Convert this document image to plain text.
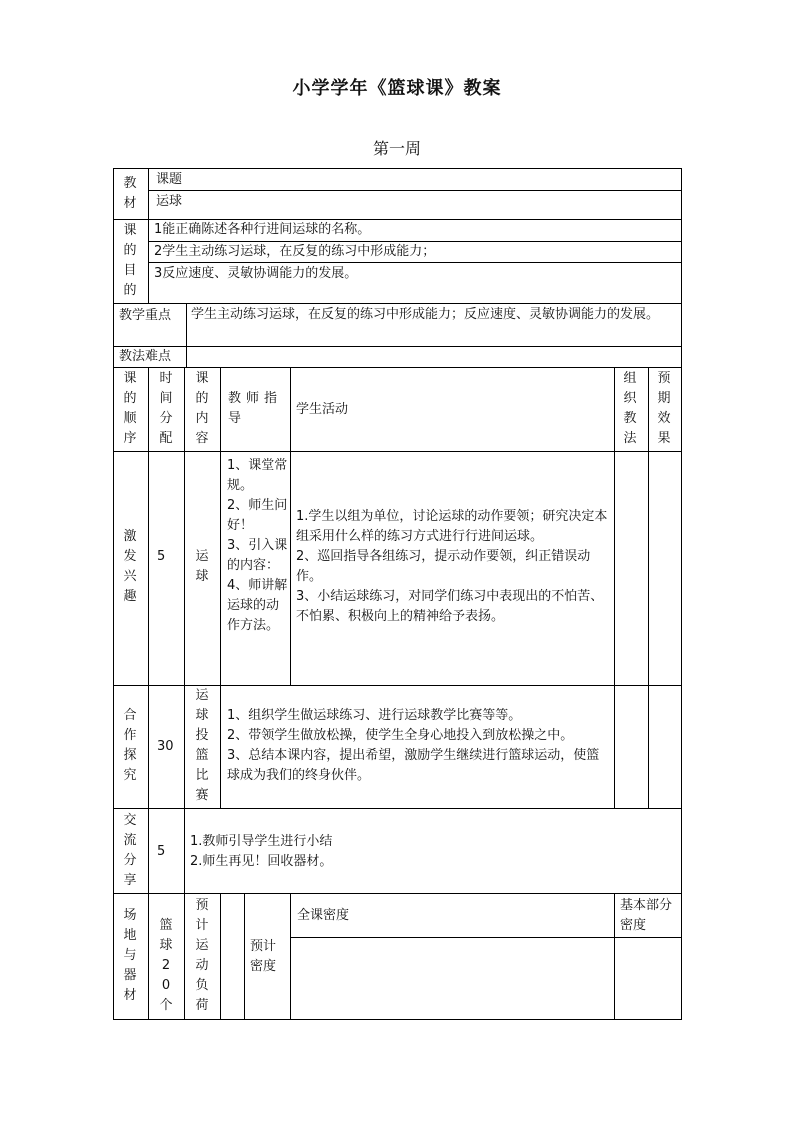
小学学年《篮球课》教案
第一周
教材
课题
运球
课的目的
1能正确陈述各种行进间运球的名称。
2学生主动练习运球，在反复的练习中形成能力；
3反应速度、灵敏协调能力的发展。
教学重点 学生主动练习运球，在反复的练习中形成能力；反应速度、灵敏协调能力的发展。
教法难点
课的顺序
时间分配
课的内容
教师指导
学生活动
组织教法
预期效果
激发兴趣
5 运球
1、课堂常规。
2、师生问好！
3、引入课的内容：
4、师讲解运球的动作方法。
1.学生以组为单位，讨论运球的动作要领；研究决定本组采用什么样的练习方式进行行进间运球。
2、巡回指导各组练习，提示动作要领，纠正错误动作。
3、小结运球练习，对同学们练习中表现出的不怕苦、不怕累、积极向上的精神给予表扬。
合作探究
30
运球投篮比赛
1、组织学生做运球练习、进行运球教学比赛等等。
2、带领学生做放松操，使学生全身心地投入到放松操之中。
3、总结本课内容，提出希望，激励学生继续进行篮球运动，使篮球成为我们的终身伙伴。
交流分享
5
1.教师引导学生进行小结
2.师生再见！回收器材。
场地与器材
篮球20个
预计运动负荷
预计密度
全课密度
基本部分密度
